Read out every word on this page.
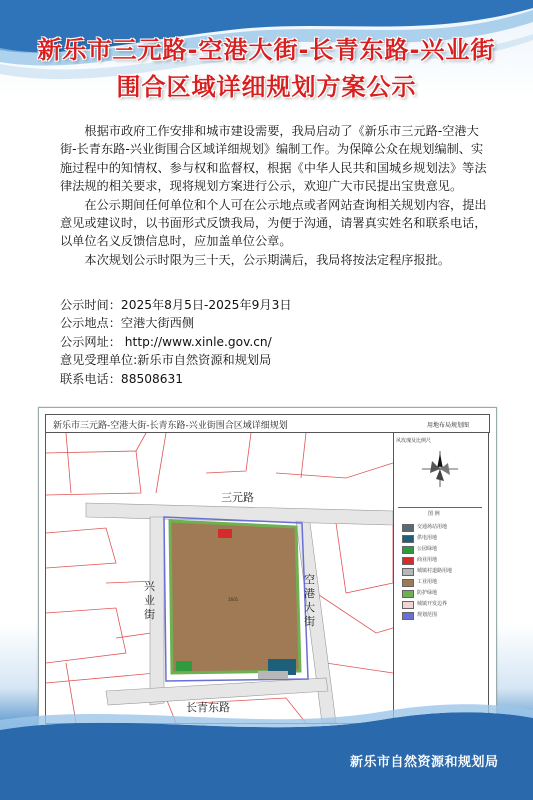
新乐市三元路-空港大街-长青东路-兴业街
围合区域详细规划方案公示

根据市政府工作安排和城市建设需要，我局启动了《新乐市三元路-空港大街-长青东路-兴业街围合区域详细规划》编制工作。为保障公众在规划编制、实施过程中的知情权、参与权和监督权，根据《中华人民共和国城乡规划法》等法律法规的相关要求，现将规划方案进行公示，欢迎广大市民提出宝贵意见。

在公示期间任何单位和个人可在公示地点或者网站查询相关规划内容，提出意见或建议时，以书面形式反馈我局，为便于沟通，请署真实姓名和联系电话，以单位名义反馈信息时，应加盖单位公章。

本次规划公示时限为三十天，公示期满后，我局将按法定程序报批。

公示时间：2025年8月5日-2025年9月3日
公示地点：空港大街西侧
公示网址： http://www.xinle.gov.cn/
意见受理单位:新乐市自然资源和规划局
联系电话：88508631
新乐市三元路-空港大街-长青东路-兴业街围合区域详细规划	用地布局规划图
1601
三元路
兴业街
空港大街
长青东路
风玫瑰及比例尺
图 例
交通场站用地
供电用地
公园绿地
商业用地
城镇村道路用地
工业用地
防护绿地
城镇开发边界
规划范围
新乐市自然资源和规划局
